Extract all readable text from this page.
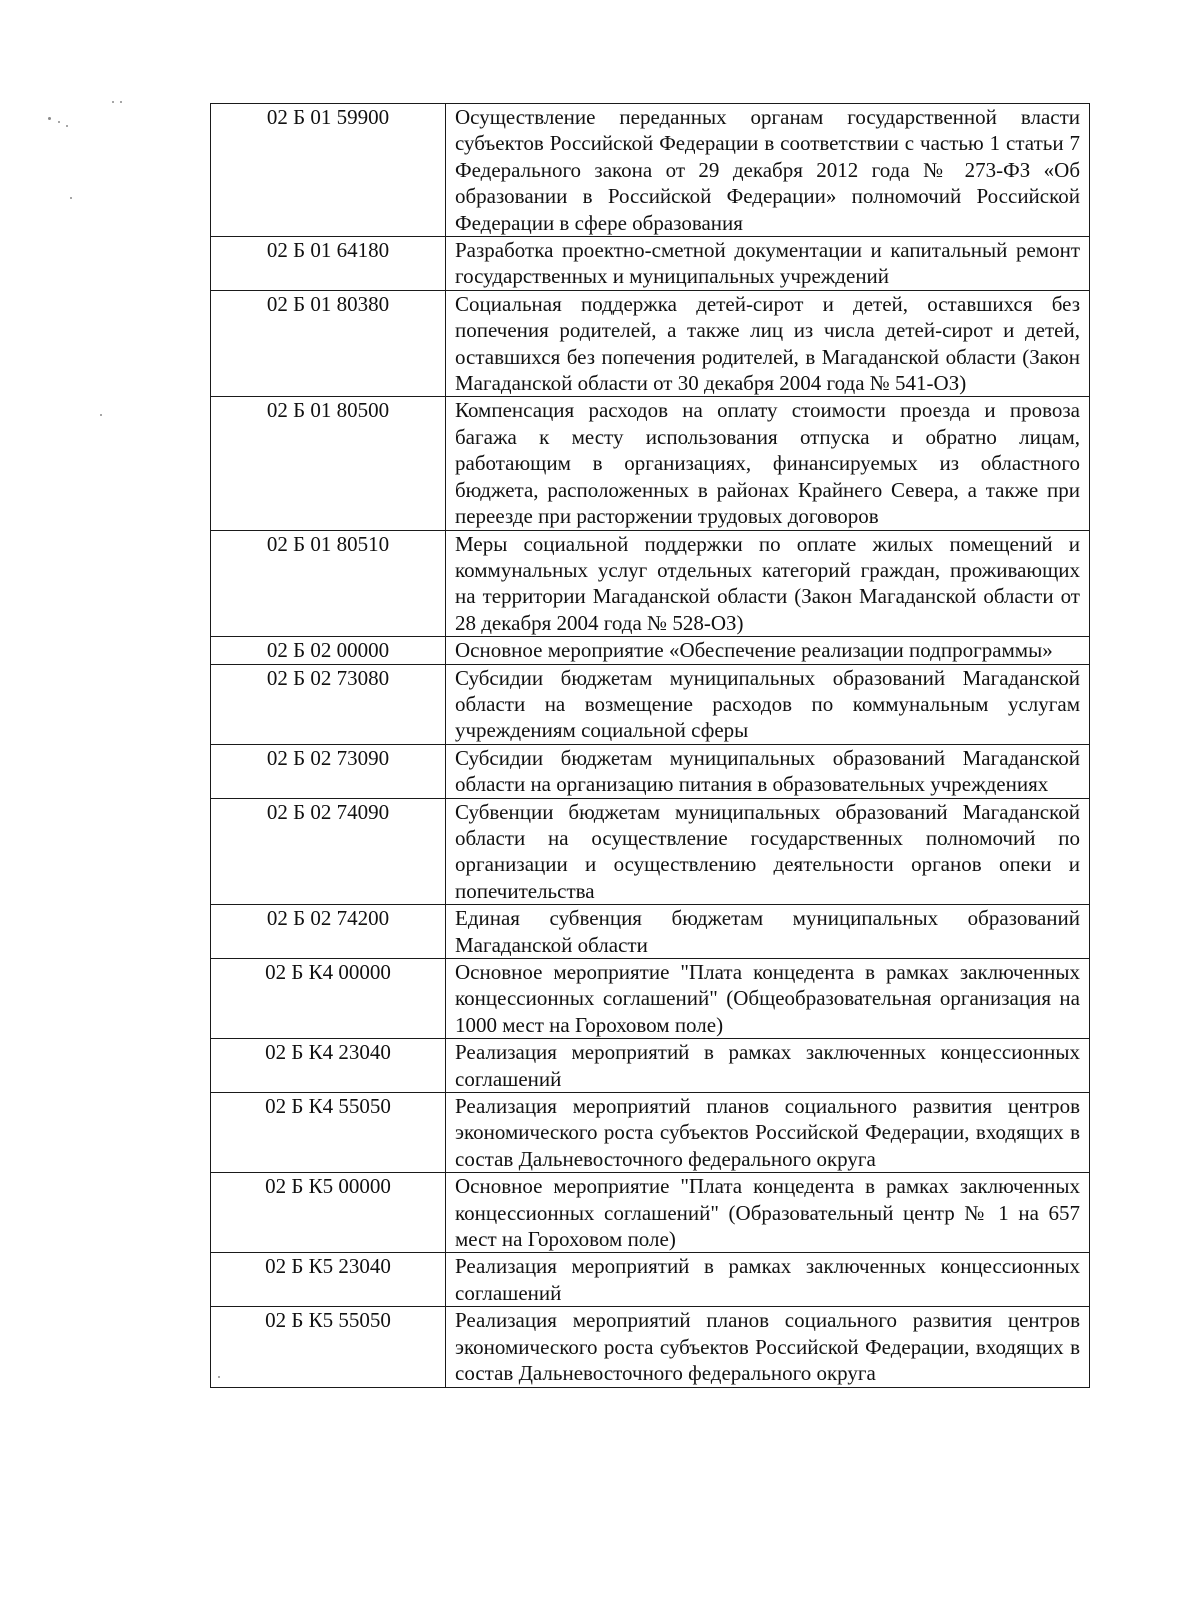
02 Б 01 59900	Осуществление переданных органам государственной власти субъектов Российской Федерации в соответствии с частью 1 статьи 7 Федерального закона от 29 декабря 2012 года № 273-ФЗ «Об образовании в Российской Федерации» полномочий Российской Федерации в сфере образования
02 Б 01 64180	Разработка проектно-сметной документации и капитальный ремонт государственных и муниципальных учреждений
02 Б 01 80380	Социальная поддержка детей-сирот и детей, оставшихся без попечения родителей, а также лиц из числа детей-сирот и детей, оставшихся без попечения родителей, в Магаданской области (Закон Магаданской области от 30 декабря 2004 года № 541-ОЗ)
02 Б 01 80500	Компенсация расходов на оплату стоимости проезда и провоза багажа к месту использования отпуска и обратно лицам, работающим в организациях, финансируемых из областного бюджета, расположенных в районах Крайнего Севера, а также при переезде при расторжении трудовых договоров
02 Б 01 80510	Меры социальной поддержки по оплате жилых помещений и коммунальных услуг отдельных категорий граждан, проживающих на территории Магаданской области (Закон Магаданской области от 28 декабря 2004 года № 528-ОЗ)
02 Б 02 00000	Основное мероприятие «Обеспечение реализации подпрограммы»
02 Б 02 73080	Субсидии бюджетам муниципальных образований Магаданской области на возмещение расходов по коммунальным услугам учреждениям социальной сферы
02 Б 02 73090	Субсидии бюджетам муниципальных образований Магаданской области на организацию питания в образовательных учреждениях
02 Б 02 74090	Субвенции бюджетам муниципальных образований Магаданской области на осуществление государственных полномочий по организации и осуществлению деятельности органов опеки и попечительства
02 Б 02 74200	Единая субвенция бюджетам муниципальных образований Магаданской области
02 Б К4 00000	Основное мероприятие "Плата концедента в рамках заключенных концессионных соглашений" (Общеобразовательная организация на 1000 мест на Гороховом поле)
02 Б К4 23040	Реализация мероприятий в рамках заключенных концессионных соглашений
02 Б К4 55050	Реализация мероприятий планов социального развития центров экономического роста субъектов Российской Федерации, входящих в состав Дальневосточного федерального округа
02 Б К5 00000	Основное мероприятие "Плата концедента в рамках заключенных концессионных соглашений" (Образовательный центр № 1 на 657 мест на Гороховом поле)
02 Б К5 23040	Реализация мероприятий в рамках заключенных концессионных соглашений
02 Б К5 55050	Реализация мероприятий планов социального развития центров экономического роста субъектов Российской Федерации, входящих в состав Дальневосточного федерального округа
